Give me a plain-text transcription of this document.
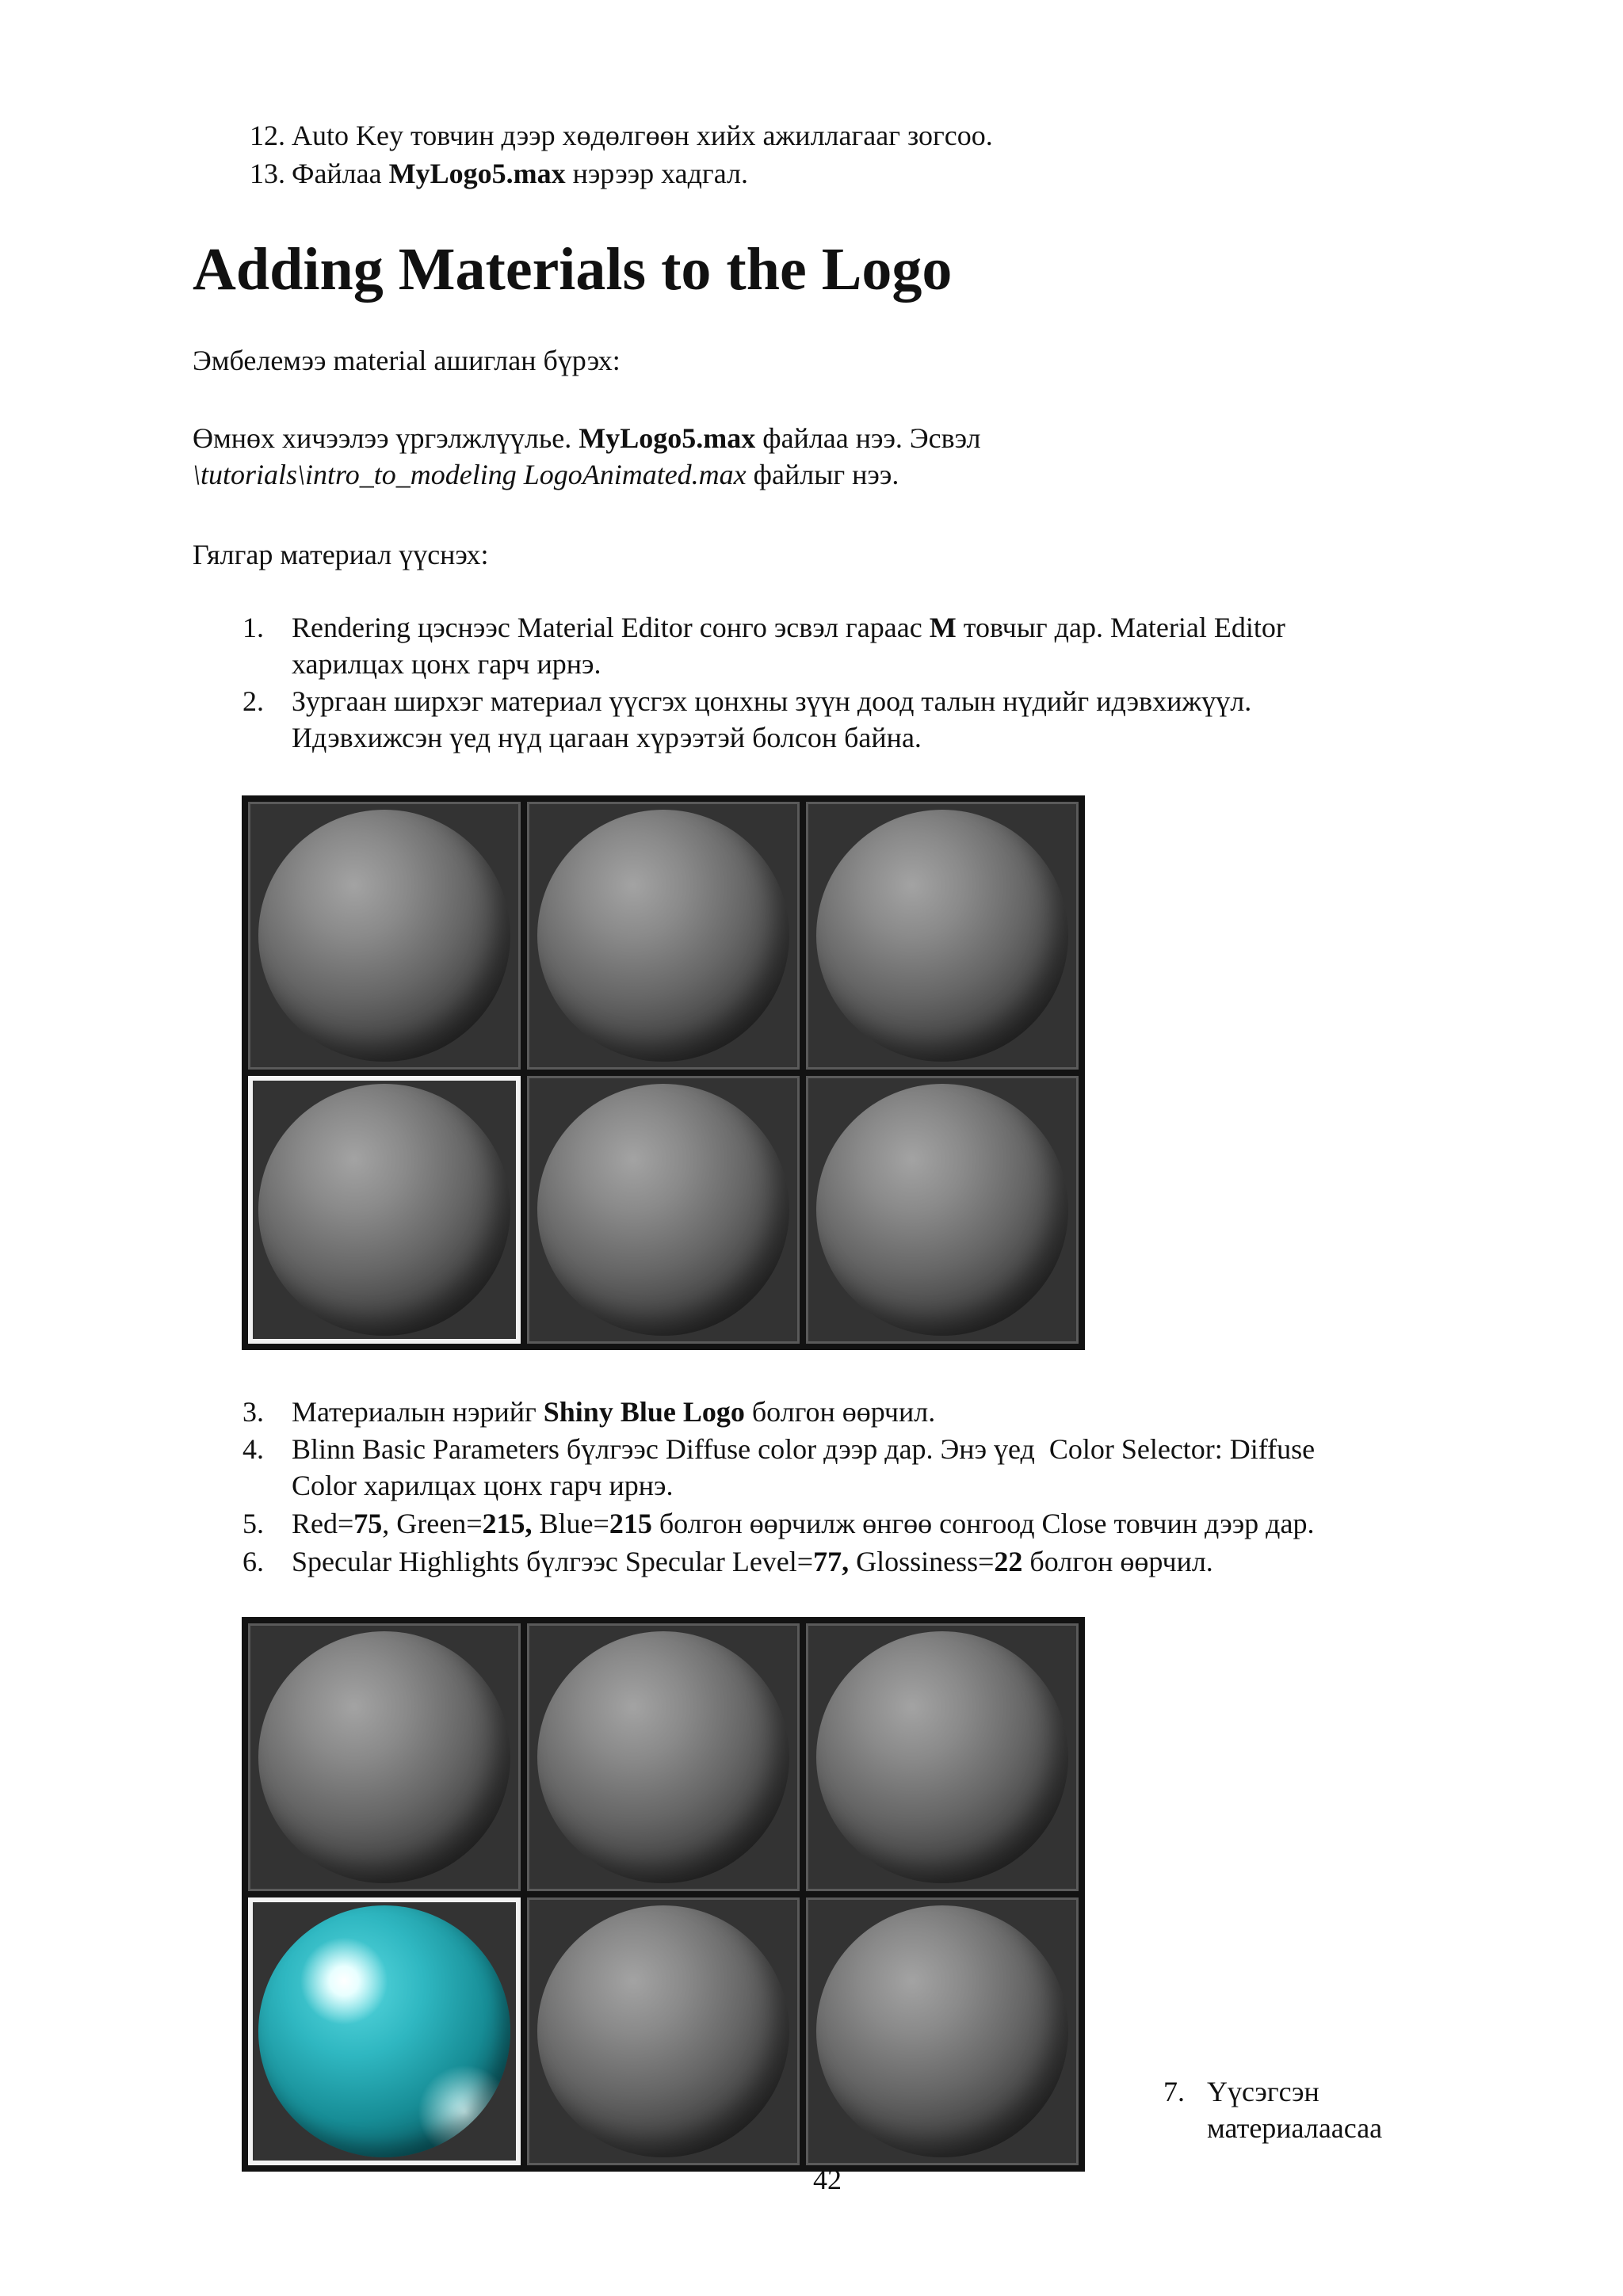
12. Auto Key товчин дээр хөдөлгөөн хийх ажиллагааг зогсоо.
13. Файлаа MyLogo5.max нэрээр хадгал.
Adding Materials to the Logo
Эмбелемээ material ашиглан бүрэх:
Өмнөх хичээлээ үргэлжлүүлье. MyLogo5.max файлаа нээ. Эсвэл
\tutorials\intro_to_modeling LogoAnimated.max файлыг нээ.
Гялгар материал үүснэх:
1. Rendering цэснээс Material Editor сонго эсвэл гараас M товчыг дар. Material Editor
харилцах цонх гарч ирнэ.
2. Зургаан ширхэг материал үүсгэх цонхны зүүн доод талын нүдийг идэвхижүүл.
Идэвхижсэн үед нүд цагаан хүрээтэй болсон байна.
3. Материалын нэрийг Shiny Blue Logo болгон өөрчил.
4. Blinn Basic Parameters бүлгээс Diffuse color дээр дар. Энэ үед  Color Selector: Diffuse
Color харилцах цонх гарч ирнэ.
5. Red=75, Green=215, Blue=215 болгон өөрчилж өнгөө сонгоод Close товчин дээр дар.
6. Specular Highlights бүлгээс Specular Level=77, Glossiness=22 болгон өөрчил.
7. Үүсэгсэн
материалаасаа
42
